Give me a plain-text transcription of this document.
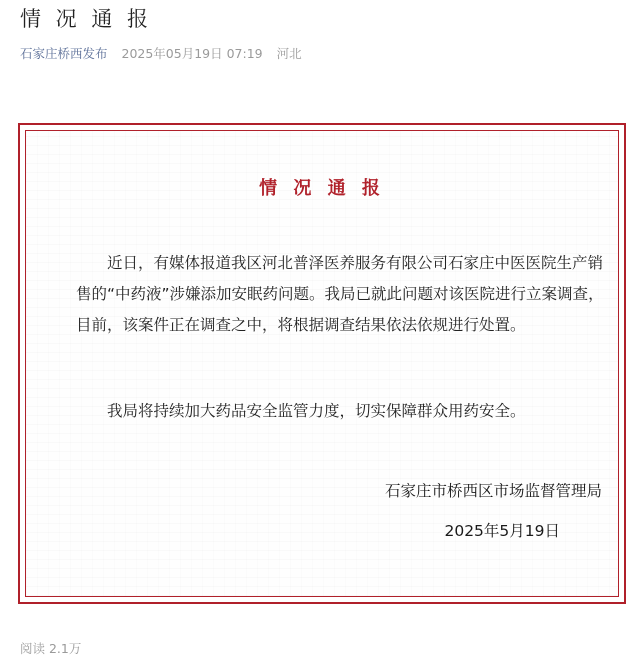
情 况 通 报
石家庄桥西发布 2025年05月19日 07:19 河北
情 况 通 报

近日，有媒体报道我区河北普泽医养服务有限公司石家庄中医医院生产销售的“中药液”涉嫌添加安眠药问题。我局已就此问题对该医院进行立案调查，目前，该案件正在调查之中，将根据调查结果依法依规进行处置。

我局将持续加大药品安全监管力度，切实保障群众用药安全。

石家庄市桥西区市场监督管理局
2025年5月19日
阅读 2.1万
